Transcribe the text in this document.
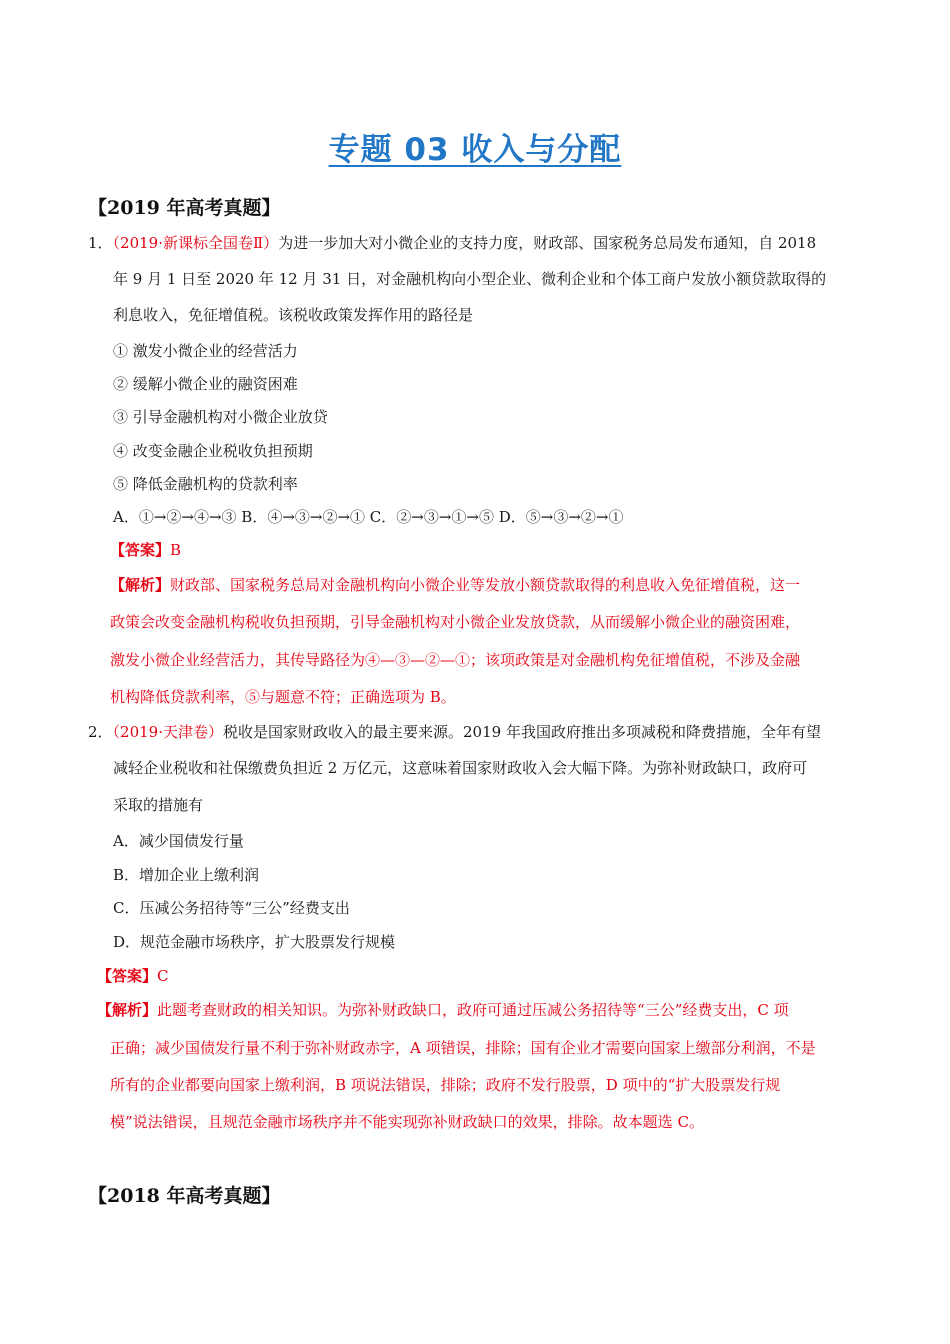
专题 03 收入与分配
【2019 年高考真题】
1．（2019·新课标全国卷Ⅱ）为进一步加大对小微企业的支持力度，财政部、国家税务总局发布通知，自 2018
年 9 月 1 日至 2020 年 12 月 31 日，对金融机构向小型企业、微利企业和个体工商户发放小额贷款取得的
利息收入，免征增值税。该税收政策发挥作用的路径是
① 激发小微企业的经营活力
② 缓解小微企业的融资困难
③ 引导金融机构对小微企业放贷
④ 改变金融企业税收负担预期
⑤ 降低金融机构的贷款利率
A．①→②→④→③ B．④→③→②→① C．②→③→①→⑤ D．⑤→③→②→①
【答案】B
【解析】财政部、国家税务总局对金融机构向小微企业等发放小额贷款取得的利息收入免征增值税，这一
政策会改变金融机构税收负担预期，引导金融机构对小微企业发放贷款，从而缓解小微企业的融资困难，
激发小微企业经营活力，其传导路径为④—③—②—①；该项政策是对金融机构免征增值税，不涉及金融
机构降低贷款利率，⑤与题意不符；正确选项为 B。
2．（2019·天津卷）税收是国家财政收入的最主要来源。2019 年我国政府推出多项减税和降费措施，全年有望
减轻企业税收和社保缴费负担近 2 万亿元，这意味着国家财政收入会大幅下降。为弥补财政缺口，政府可
采取的措施有
A．减少国债发行量
B．增加企业上缴利润
C．压减公务招待等“三公”经费支出
D．规范金融市场秩序，扩大股票发行规模
【答案】C
【解析】此题考查财政的相关知识。为弥补财政缺口，政府可通过压减公务招待等“三公”经费支出，C 项
正确；减少国债发行量不利于弥补财政赤字，A 项错误，排除；国有企业才需要向国家上缴部分利润，不是
所有的企业都要向国家上缴利润，B 项说法错误，排除；政府不发行股票，D 项中的“扩大股票发行规
模”说法错误，且规范金融市场秩序并不能实现弥补财政缺口的效果，排除。故本题选 C。
【2018 年高考真题】
